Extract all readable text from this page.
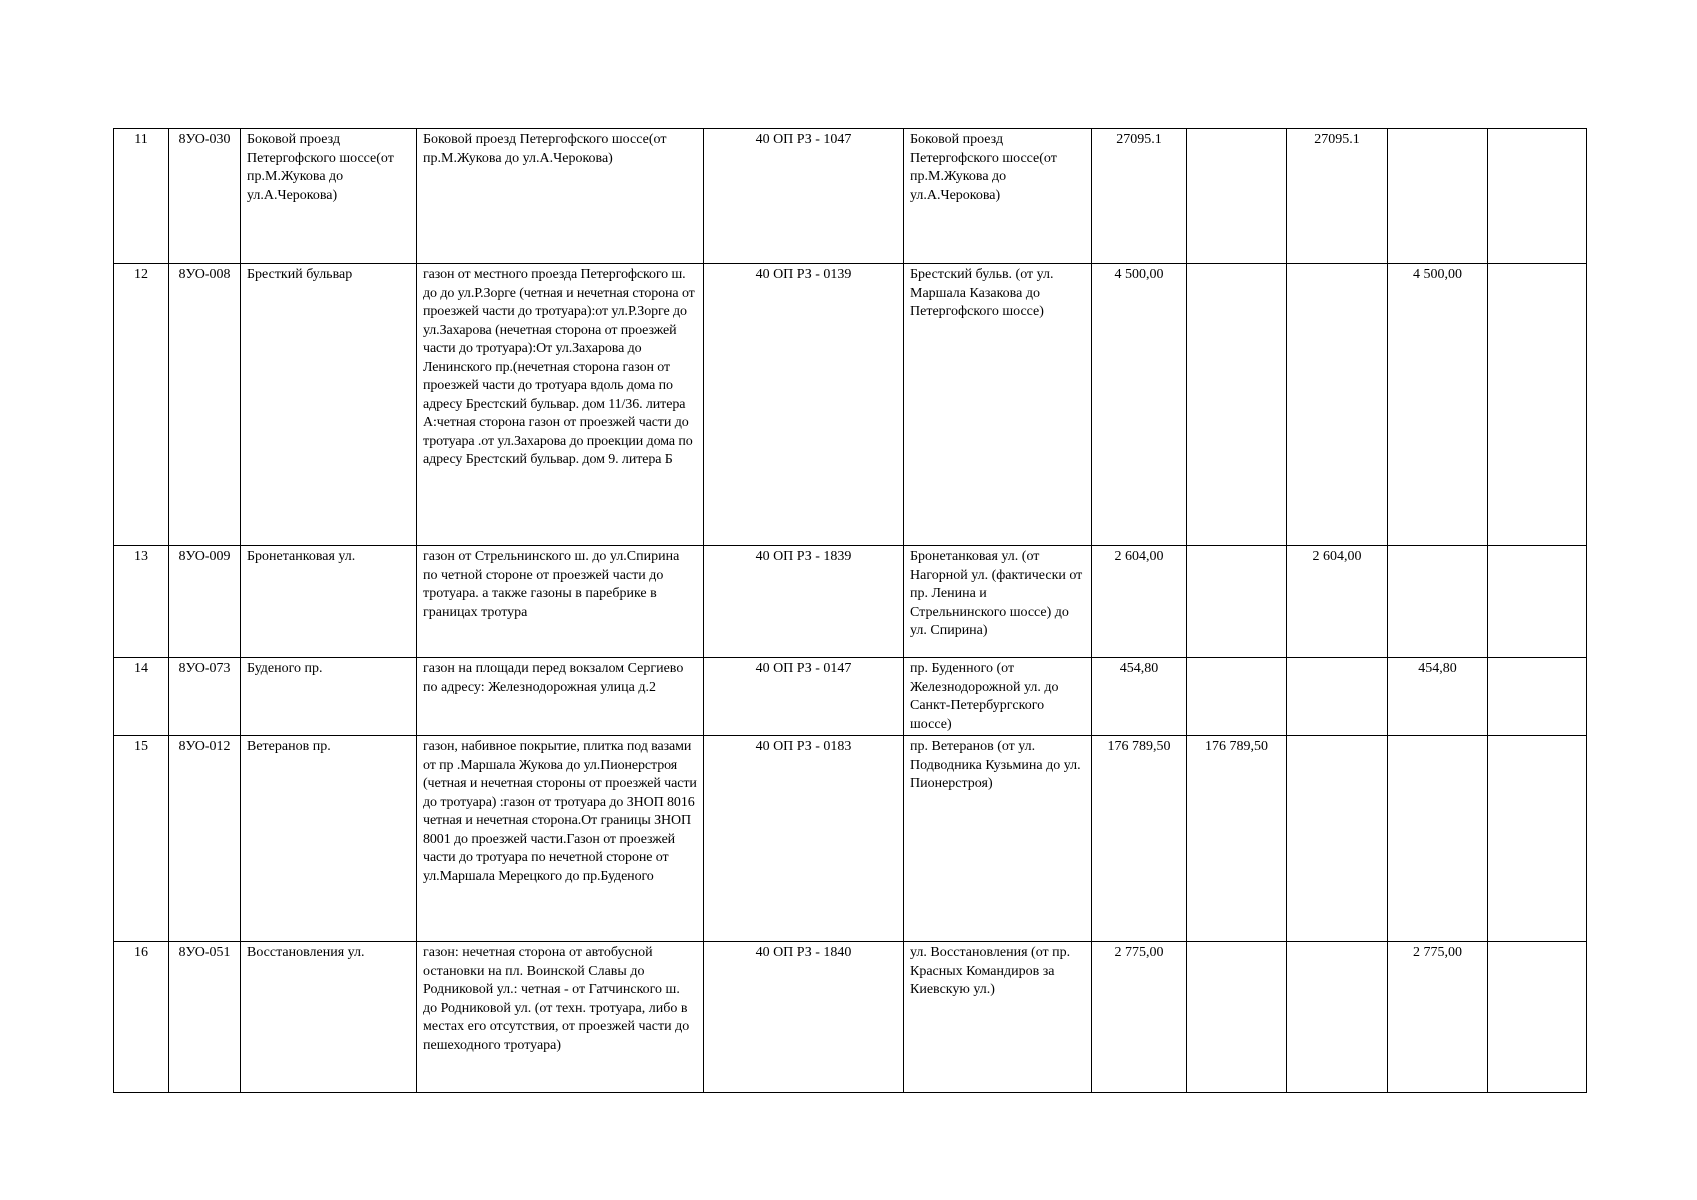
11	8УО-030	Боковой проезд Петергофского шоссе(от пр.М.Жукова до ул.А.Черокова)	Боковой проезд Петергофского шоссе(от пр.М.Жукова до ул.А.Черокова)	40 ОП РЗ - 1047	Боковой проезд Петергофского шоссе(от пр.М.Жукова до ул.А.Черокова)	27095.1		27095.1		
12	8УО-008	Бресткий бульвар	газон от местного проезда Петергофского ш. до до ул.Р.Зорге (четная и нечетная сторона от проезжей части до тротуара):от ул.Р.Зорге до ул.Захарова (нечетная сторона от проезжей части до тротуара):От ул.Захарова до Ленинского пр.(нечетная сторона газон от проезжей части до тротуара вдоль дома по адресу Брестский бульвар. дом 11/36. литера А:четная сторона газон от проезжей части до тротуара .от ул.Захарова до проекции дома по адресу Брестский бульвар. дом 9. литера Б	40 ОП РЗ - 0139	Брестский бульв. (от ул. Маршала Казакова до Петергофского шоссе)	4 500,00			4 500,00	
13	8УО-009	Бронетанковая ул.	газон от Стрельнинского ш. до ул.Спирина по четной стороне от проезжей части до тротуара. а также газоны в паребрике в границах тротура	40 ОП РЗ - 1839	Бронетанковая ул. (от Нагорной ул. (фактически от пр. Ленина и Стрельнинского шоссе) до ул. Спирина)	2 604,00		2 604,00		
14	8УО-073	Буденого пр.	газон на площади перед вокзалом Сергиево по адресу: Железнодорожная улица д.2	40 ОП РЗ - 0147	пр. Буденного (от Железнодорожной ул. до Санкт-Петербургского шоссе)	454,80			454,80	
15	8УО-012	Ветеранов пр.	газон, набивное покрытие, плитка под вазами от пр .Маршала Жукова до ул.Пионерстроя (четная и нечетная стороны от проезжей части до тротуара) :газон от тротуара до ЗНОП 8016 четная и нечетная сторона.От границы ЗНОП 8001 до проезжей части.Газон от проезжей части до тротуара по нечетной стороне от ул.Маршала Мерецкого до пр.Буденого	40 ОП РЗ - 0183	пр. Ветеранов (от ул. Подводника Кузьмина до ул. Пионерстроя)	176 789,50	176 789,50			
16	8УО-051	Восстановления ул.	газон: нечетная сторона от автобусной остановки на пл. Воинской Славы до Родниковой ул.: четная - от Гатчинского ш. до Родниковой ул. (от техн. тротуара, либо в местах его отсутствия, от проезжей части до пешеходного тротуара)	40 ОП РЗ - 1840	ул. Восстановления (от пр. Красных Командиров за Киевскую ул.)	2 775,00			2 775,00	
